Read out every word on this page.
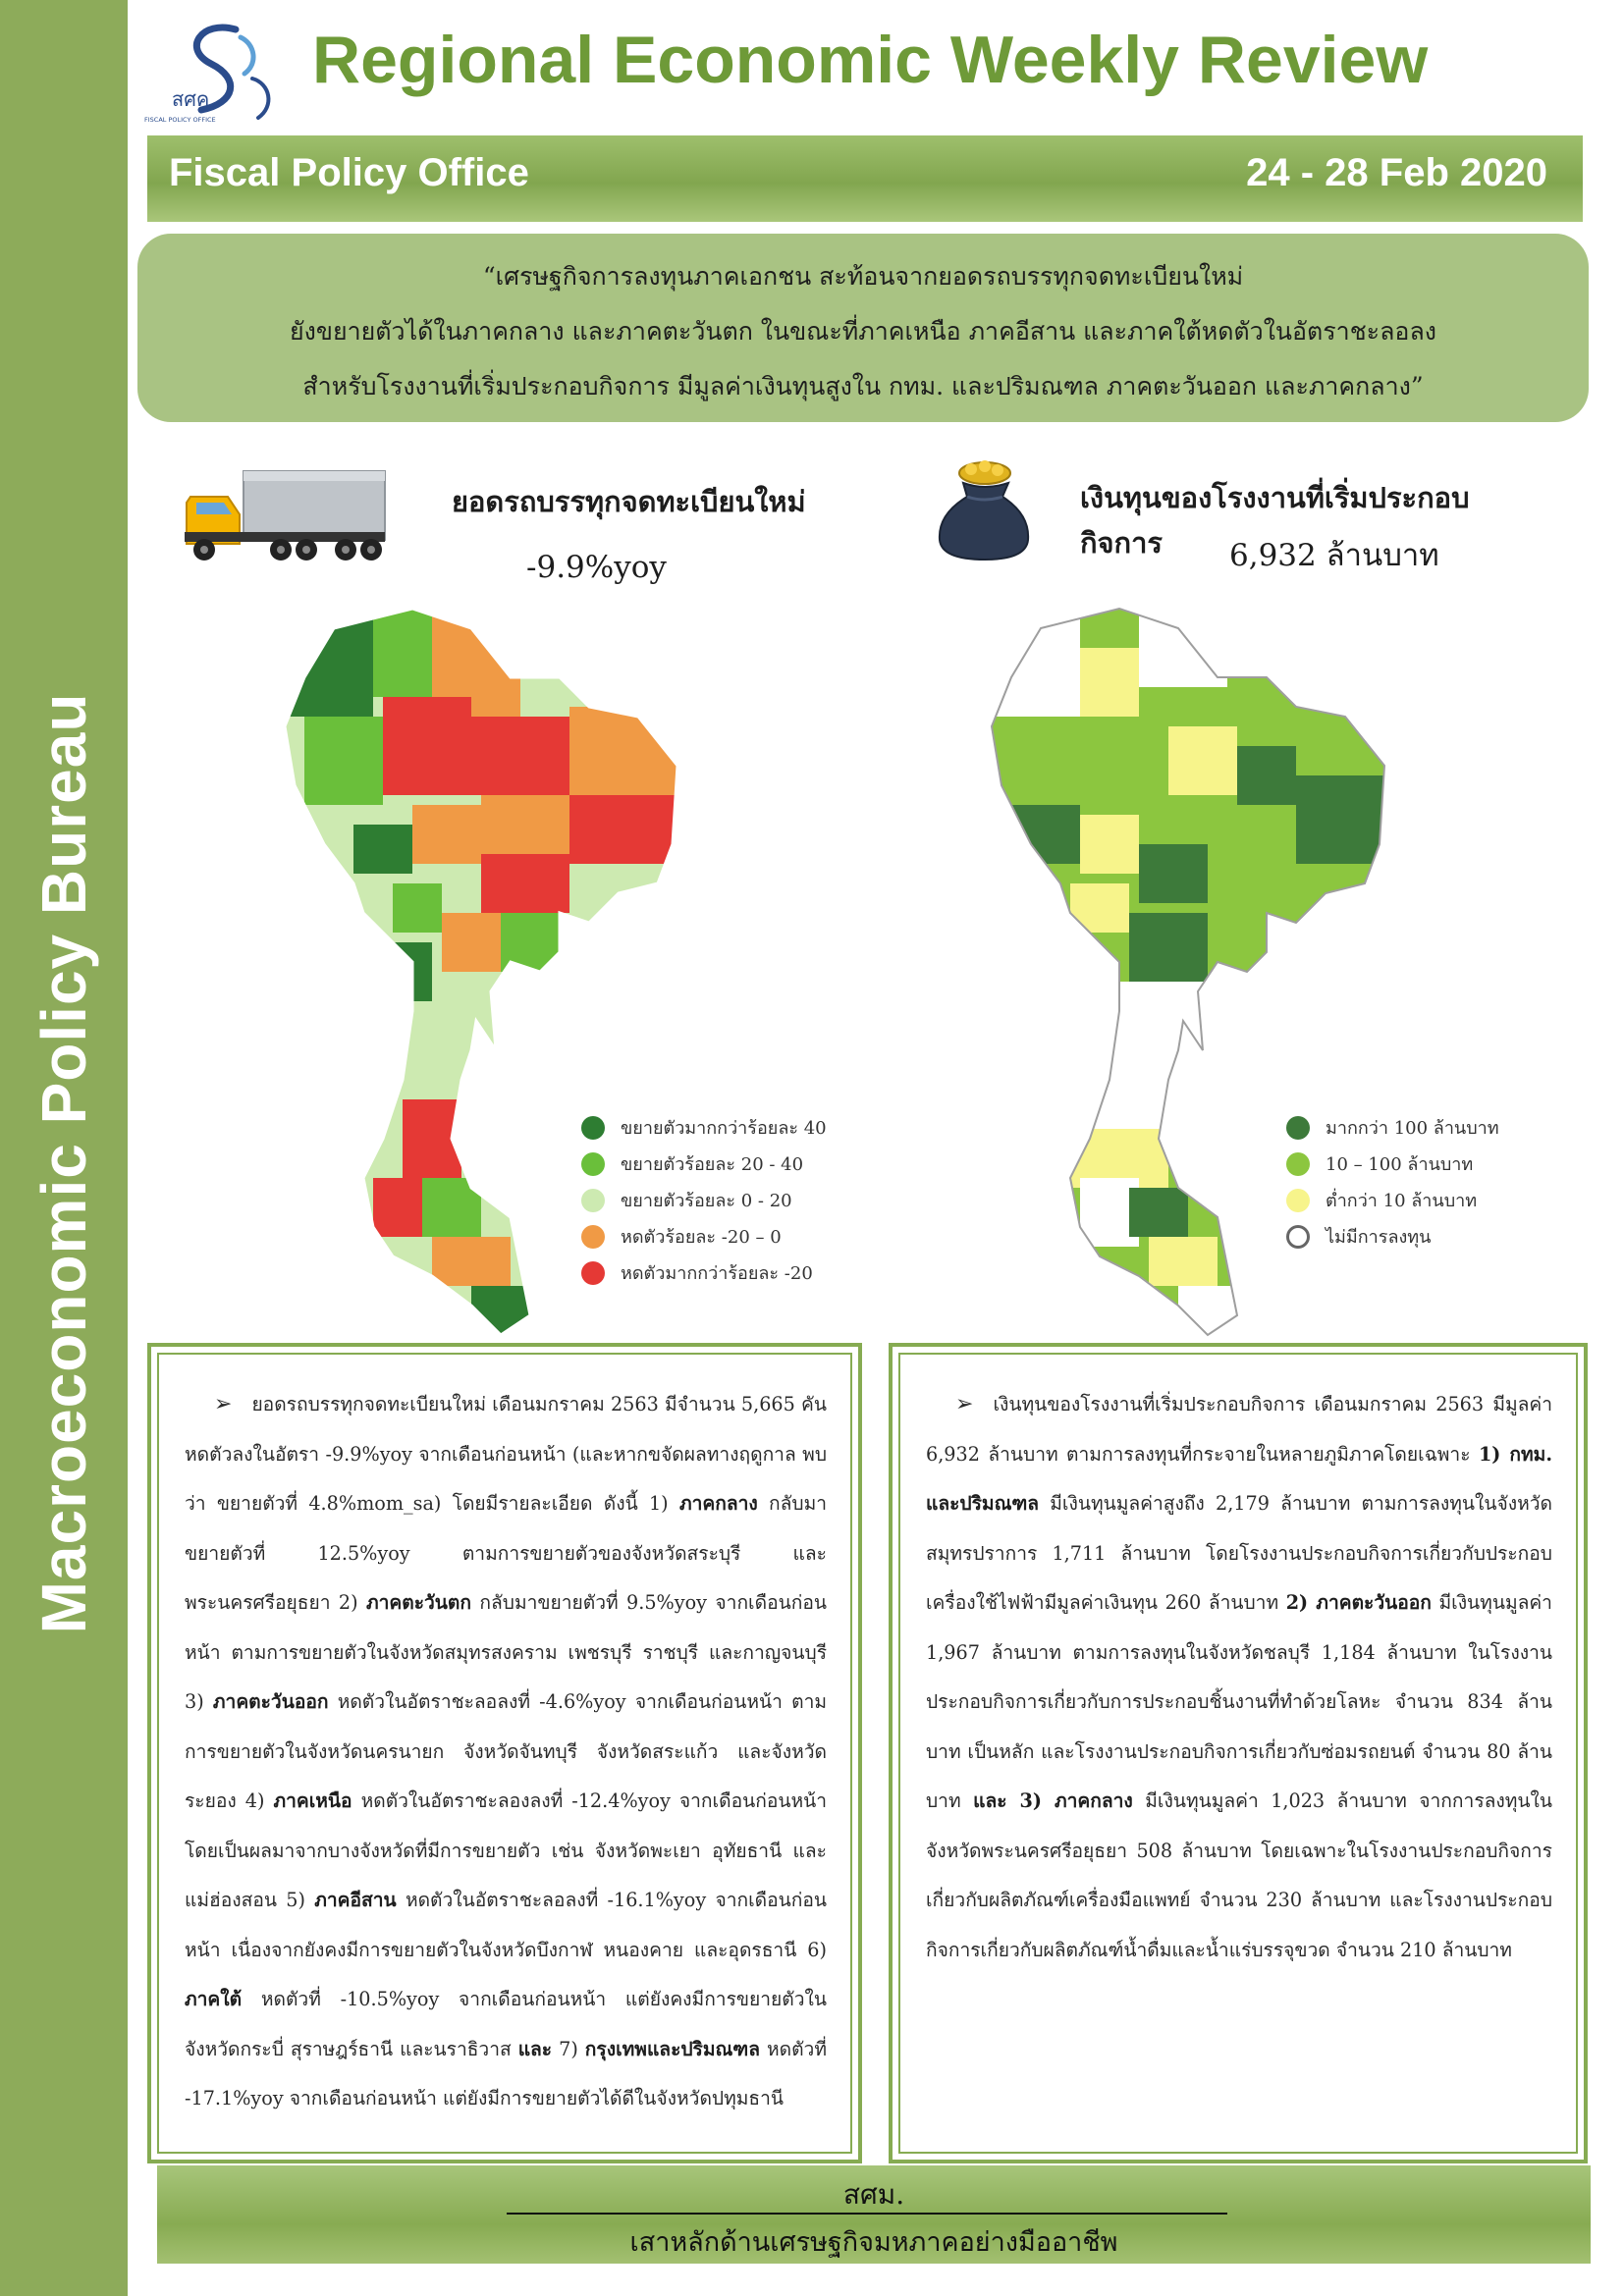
Macroeconomic Policy Bureau
สศค.
FISCAL POLICY OFFICE
Regional Economic Weekly Review
Fiscal Policy Office	24 - 28 Feb 2020

“เศรษฐกิจการลงทุนภาคเอกชน สะท้อนจากยอดรถบรรทุกจดทะเบียนใหม่

ยังขยายตัวได้ในภาคกลาง และภาคตะวันตก ในขณะที่ภาคเหนือ ภาคอีสาน และภาคใต้หดตัวในอัตราชะลอลง

สำหรับโรงงานที่เริ่มประกอบกิจการ มีมูลค่าเงินทุนสูงใน กทม. และปริมณฑล ภาคตะวันออก และภาคกลาง”

ยอดรถบรรทุกจดทะเบียนใหม่
-9.9%yoy
เงินทุนของโรงงานที่เริ่มประกอบกิจการ	6,932 ล้านบาท
ขยายตัวมากกว่าร้อยละ 40
ขยายตัวร้อยละ 20 - 40
ขยายตัวร้อยละ 0 - 20
หดตัวร้อยละ -20 – 0
หดตัวมากกว่าร้อยละ -20
มากกว่า 100 ล้านบาท
10 – 100 ล้านบาท
ต่ำกว่า 10 ล้านบาท
ไม่มีการลงทุน

➢ ยอดรถบรรทุกจดทะเบียนใหม่ เดือนมกราคม 2563 มีจำนวน 5,665 คัน หดตัวลงในอัตรา -9.9%yoy จากเดือนก่อนหน้า (และหากขจัดผลทางฤดูกาล พบว่า ขยายตัวที่ 4.8%mom_sa) โดยมีรายละเอียด ดังนี้ 1) ภาคกลาง กลับมาขยายตัวที่ 12.5%yoy ตามการขยายตัวของจังหวัดสระบุรี และพระนครศรีอยุธยา 2) ภาคตะวันตก กลับมาขยายตัวที่ 9.5%yoy จากเดือนก่อนหน้า ตามการขยายตัวในจังหวัดสมุทรสงคราม เพชรบุรี ราชบุรี และกาญจนบุรี 3) ภาคตะวันออก หดตัวในอัตราชะลอลงที่ -4.6%yoy จากเดือนก่อนหน้า ตามการขยายตัวในจังหวัดนครนายก จังหวัดจันทบุรี จังหวัดสระแก้ว และจังหวัดระยอง 4) ภาคเหนือ หดตัวในอัตราชะลองลงที่ -12.4%yoy จากเดือนก่อนหน้า โดยเป็นผลมาจากบางจังหวัดที่มีการขยายตัว เช่น จังหวัดพะเยา อุทัยธานี และแม่ฮ่องสอน 5) ภาคอีสาน หดตัวในอัตราชะลอลงที่ -16.1%yoy จากเดือนก่อนหน้า เนื่องจากยังคงมีการขยายตัวในจังหวัดบึงกาฬ หนองคาย และอุดรธานี 6) ภาคใต้ หดตัวที่ -10.5%yoy จากเดือนก่อนหน้า แต่ยังคงมีการขยายตัวในจังหวัดกระบี่ สุราษฎร์ธานี และนราธิวาส และ 7) กรุงเทพและปริมณฑล หดตัวที่ -17.1%yoy จากเดือนก่อนหน้า แต่ยังมีการขยายตัวได้ดีในจังหวัดปทุมธานี

➢ เงินทุนของโรงงานที่เริ่มประกอบกิจการ เดือนมกราคม 2563 มีมูลค่า 6,932 ล้านบาท ตามการลงทุนที่กระจายในหลายภูมิภาคโดยเฉพาะ 1) กทม. และปริมณฑล มีเงินทุนมูลค่าสูงถึง 2,179 ล้านบาท ตามการลงทุนในจังหวัดสมุทรปราการ 1,711 ล้านบาท โดยโรงงานประกอบกิจการเกี่ยวกับประกอบเครื่องใช้ไฟฟ้ามีมูลค่าเงินทุน 260 ล้านบาท 2) ภาคตะวันออก มีเงินทุนมูลค่า 1,967 ล้านบาท ตามการลงทุนในจังหวัดชลบุรี 1,184 ล้านบาท ในโรงงานประกอบกิจการเกี่ยวกับการประกอบชิ้นงานที่ทำด้วยโลหะ จำนวน 834 ล้านบาท เป็นหลัก และโรงงานประกอบกิจการเกี่ยวกับซ่อมรถยนต์ จำนวน 80 ล้านบาท และ 3) ภาคกลาง มีเงินทุนมูลค่า 1,023 ล้านบาท จากการลงทุนในจังหวัดพระนครศรีอยุธยา 508 ล้านบาท โดยเฉพาะในโรงงานประกอบกิจการเกี่ยวกับผลิตภัณฑ์เครื่องมือแพทย์ จำนวน 230 ล้านบาท และโรงงานประกอบกิจการเกี่ยวกับผลิตภัณฑ์น้ำดื่มและน้ำแร่บรรจุขวด จำนวน 210 ล้านบาท

สศม.
เสาหลักด้านเศรษฐกิจมหภาคอย่างมืออาชีพ
